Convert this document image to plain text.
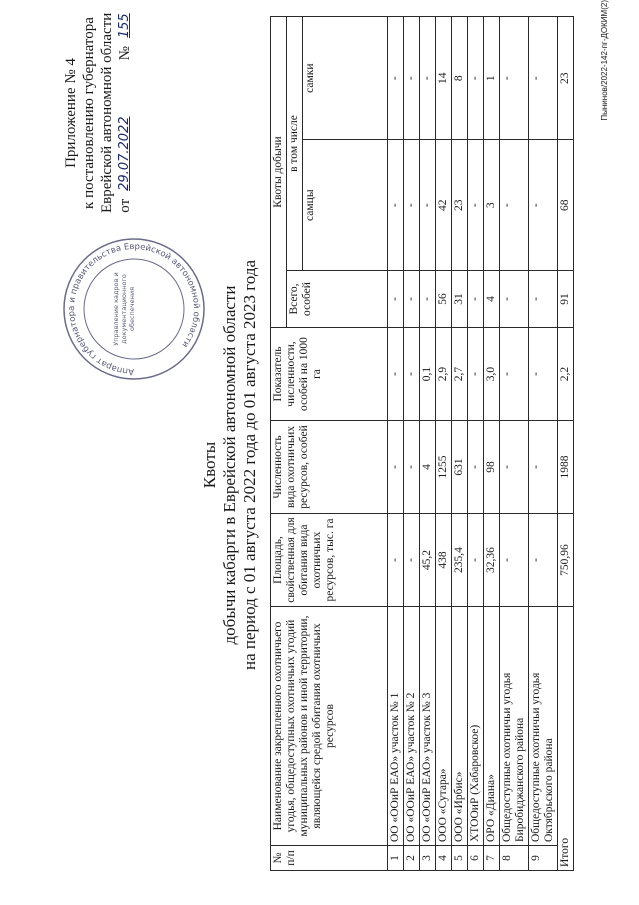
Приложение № 4 к постановлению губернатора Еврейской автономной области от
29.07.2022
№
155
Аппарат губернатора и правительства Еврейской автономной области
Управление кадров и документационного обеспечения
Квоты добычи кабарги в Еврейской автономной области на период с 01 августа 2022 года до 01 августа 2023 года
№ п/п	Наименование закрепленного охотничьего угодья, общедоступных охотничьих угодий муниципальных районов и иной территории, являющейся средой обитания охотничьих ресурсов	Площадь, свойственная для обитания вида охотничьих ресурсов, тыс. га	Численность вида охотничьих ресурсов, особей	Показатель численности, особей на 1000 га	Квоты добычи		
					Всего, особей	в том числе	
						самцы	самки
1	ОО «ООиР ЕАО» участок № 1	-	-	-	-	-	-
2	ОО «ООиР ЕАО» участок № 2	-	-	-	-	-	-
3	ОО «ООиР ЕАО» участок № 3	45,2	4	0,1	-	-	-
4	ООО «Сутара»	438	1255	2,9	56	42	14
5	ООО «Ирбис»	235,4	631	2,7	31	23	8
6	ХТООиР (Хабаровское)	-	-	-	-	-	-
7	ОРО «Диана»	32,36	98	3,0	4	3	1
8	Общедоступные охотничьи угодья Биробиджанского района	-	-	-	-	-	-
9	Общедоступные охотничьи угодья Октябрьского района	-	-	-	-	-	-
Итого		750,96	1988	2,2	91	68	23	Пынинов/2022-142-пг-ДОКИМ(2)
